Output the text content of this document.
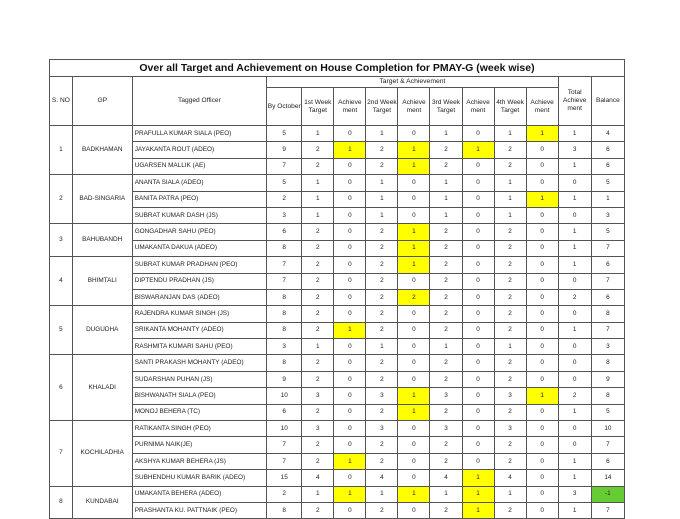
Over all Target and Achievement on House Completion for PMAY-G (week wise)													
S. NO	GP	Tagged Officer	Target & Achievement									Total Achieve ment	Balance
			By October	1st Week Target	Achieve ment	2nd Week Target	Achieve ment	3rd Week Target	Achieve ment	4th Week Target	Achieve ment		
1	BADKHAMAN	PRAFULLA KUMAR SIALA (PEO)	5	1	0	1	0	1	0	1	1	1	4
		JAYAKANTA ROUT (ADEO)	9	2	1	2	1	2	1	2	0	3	6
		UGARSEN MALLIK (AE)	7	2	0	2	1	2	0	2	0	1	6
2	BAD-SINGARIA	ANANTA SIALA (ADEO)	5	1	0	1	0	1	0	1	0	0	5
		BANITA PATRA (PEO)	2	1	0	1	0	1	0	1	1	1	1
		SUBRAT KUMAR DASH (JS)	3	1	0	1	0	1	0	1	0	0	3
3	BAHUBANDH	GONGADHAR SAHU (PEO)	6	2	0	2	1	2	0	2	0	1	5
		UMAKANTA DAKUA (ADEO)	8	2	0	2	1	2	0	2	0	1	7
4	BHIMTALI	SUBRAT KUMAR PRADHAN (PEO)	7	2	0	2	1	2	0	2	0	1	6
		DIPTENDU PRADHAN (JS)	7	2	0	2	0	2	0	2	0	0	7
		BISWARANJAN DAS (ADEO)	8	2	0	2	2	2	0	2	0	2	6
5	DUGUDHA	RAJENDRA KUMAR SINGH (JS)	8	2	0	2	0	2	0	2	0	0	8
		SRIKANTA MOHANTY (ADEO)	8	2	1	2	0	2	0	2	0	1	7
		RASHMITA KUMARI SAHU (PEO)	3	1	0	1	0	1	0	1	0	0	3
6	KHALADI	SANTI PRAKASH MOHANTY (ADEO)	8	2	0	2	0	2	0	2	0	0	8
		SUDARSHAN PUHAN (JS)	9	2	0	2	0	2	0	2	0	0	9
		BISHWANATH SIALA (PEO)	10	3	0	3	1	3	0	3	1	2	8
		MONOJ BEHERA (TC)	6	2	0	2	1	2	0	2	0	1	5
7	KOCHILADHIA	RATIKANTA SINGH (PEO)	10	3	0	3	0	3	0	3	0	0	10
		PURNIMA NAIK(JE)	7	2	0	2	0	2	0	2	0	0	7
		AKSHYA KUMAR BEHERA (JS)	7	2	1	2	0	2	0	2	0	1	6
		SUBHENDHU KUMAR BARIK (ADEO)	15	4	0	4	0	4	1	4	0	1	14
8	KUNDABAI	UMAKANTA BEHERA (ADEO)	2	1	1	1	1	1	1	1	0	3	-1
		PRASHANTA KU. PATTNAIK (PEO)	8	2	0	2	0	2	1	2	0	1	7
